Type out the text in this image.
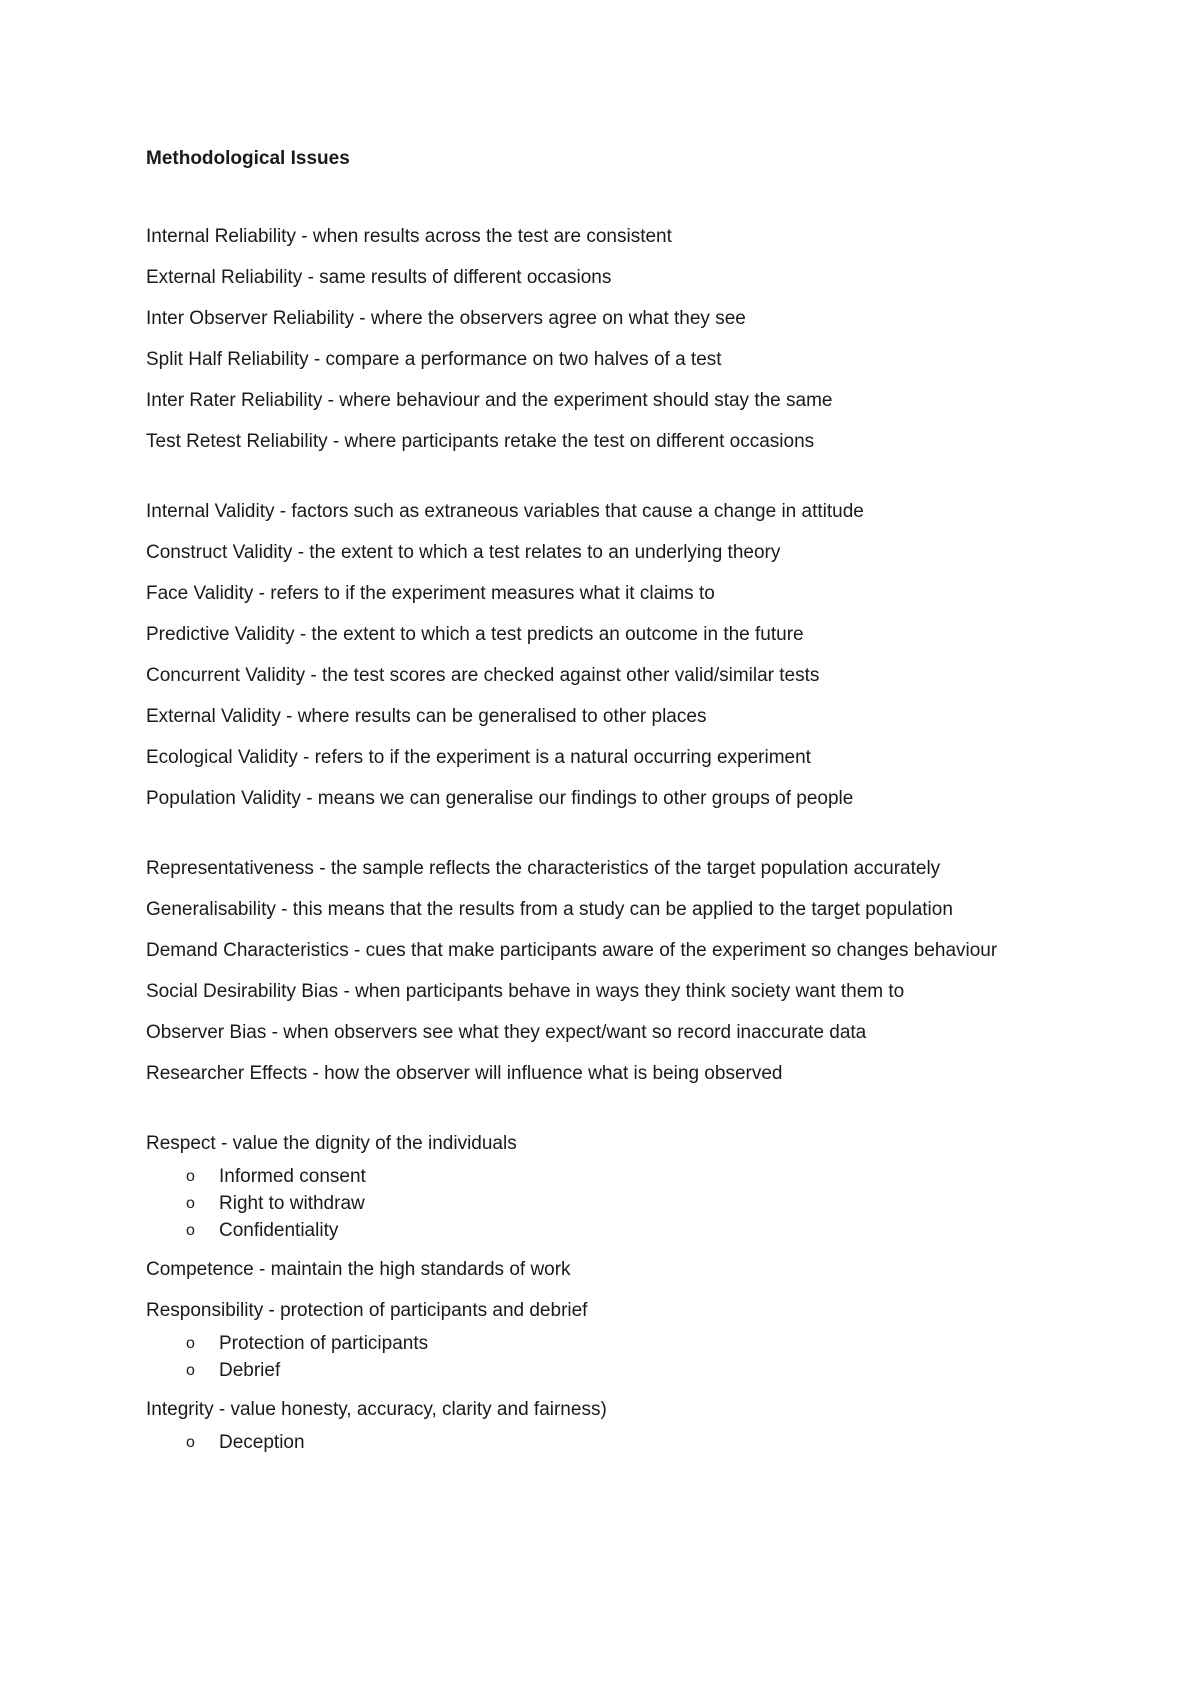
Methodological Issues
Internal Reliability - when results across the test are consistent
External Reliability - same results of different occasions
Inter Observer Reliability - where the observers agree on what they see
Split Half Reliability - compare a performance on two halves of a test
Inter Rater Reliability - where behaviour and the experiment should stay the same
Test Retest Reliability - where participants retake the test on different occasions
Internal Validity - factors such as extraneous variables that cause a change in attitude
Construct Validity - the extent to which a test relates to an underlying theory
Face Validity - refers to if the experiment measures what it claims to
Predictive Validity - the extent to which a test predicts an outcome in the future
Concurrent Validity - the test scores are checked against other valid/similar tests
External Validity - where results can be generalised to other places
Ecological Validity - refers to if the experiment is a natural occurring experiment
Population Validity - means we can generalise our findings to other groups of people
Representativeness - the sample reflects the characteristics of the target population accurately
Generalisability - this means that the results from a study can be applied to the target population
Demand Characteristics - cues that make participants aware of the experiment so changes behaviour
Social Desirability Bias - when participants behave in ways they think society want them to
Observer Bias - when observers see what they expect/want so record inaccurate data
Researcher Effects - how the observer will influence what is being observed
Respect - value the dignity of the individuals
o Informed consent
o Right to withdraw
o Confidentiality
Competence - maintain the high standards of work
Responsibility - protection of participants and debrief
o Protection of participants
o Debrief
Integrity - value honesty, accuracy, clarity and fairness)
o Deception
